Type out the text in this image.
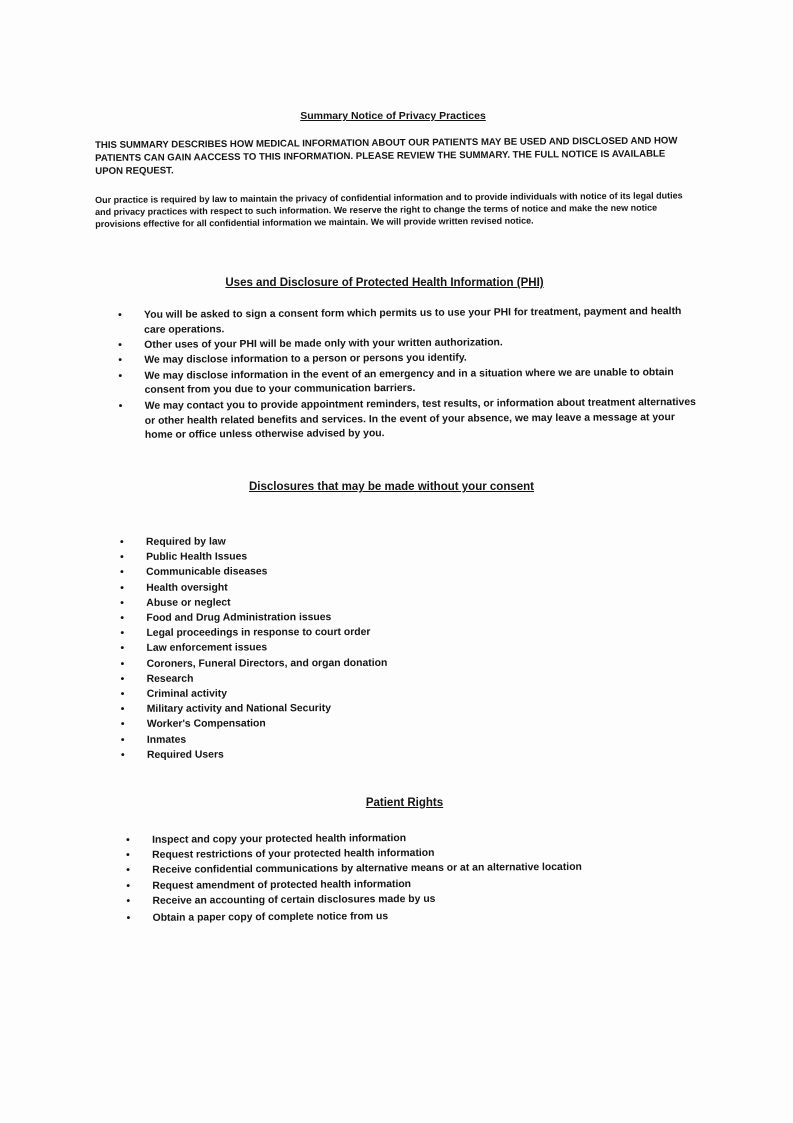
Summary Notice of Privacy Practices

THIS SUMMARY DESCRIBES HOW MEDICAL INFORMATION ABOUT OUR PATIENTS MAY BE USED AND DISCLOSED AND HOW PATIENTS CAN GAIN AACCESS TO THIS INFORMATION. PLEASE REVIEW THE SUMMARY. THE FULL NOTICE IS AVAILABLE UPON REQUEST.

Our practice is required by law to maintain the privacy of confidential information and to provide individuals with notice of its legal duties and privacy practices with respect to such information. We reserve the right to change the terms of notice and make the new notice provisions effective for all confidential information we maintain. We will provide written revised notice.

Uses and Disclosure of Protected Health Information (PHI)
• You will be asked to sign a consent form which permits us to use your PHI for treatment, payment and health care operations.
• Other uses of your PHI will be made only with your written authorization.
• We may disclose information to a person or persons you identify.
• We may disclose information in the event of an emergency and in a situation where we are unable to obtain consent from you due to your communication barriers.
• We may contact you to provide appointment reminders, test results, or information about treatment alternatives or other health related benefits and services. In the event of your absence, we may leave a message at your home or office unless otherwise advised by you.
Disclosures that may be made without your consent
• Required by law
• Public Health Issues
• Communicable diseases
• Health oversight
• Abuse or neglect
• Food and Drug Administration issues
• Legal proceedings in response to court order
• Law enforcement issues
• Coroners, Funeral Directors, and organ donation
• Research
• Criminal activity
• Military activity and National Security
• Worker's Compensation
• Inmates
• Required Users
Patient Rights
• Inspect and copy your protected health information
• Request restrictions of your protected health information
• Receive confidential communications by alternative means or at an alternative location
• Request amendment of protected health information
• Receive an accounting of certain disclosures made by us
• Obtain a paper copy of complete notice from us
